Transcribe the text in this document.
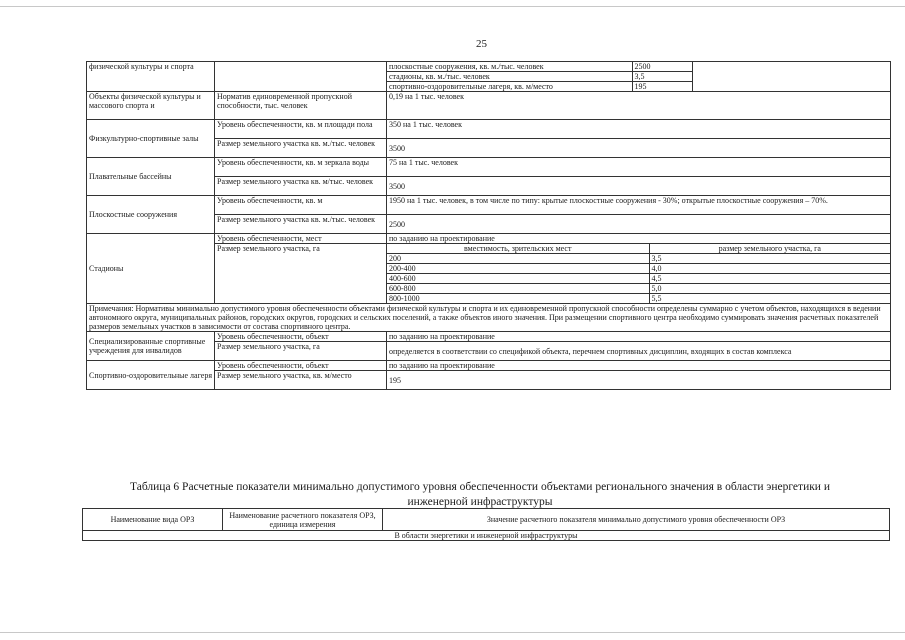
25
физической культуры и спорта			плоскостные сооружения, кв. м./тыс. человек	2500	
стадионы, кв. м./тыс. человек	3,5	
спортивно-оздоровительные лагеря, кв. м/место	195	

Объекты физической культуры и массового спорта и	Норматив единовременной пропускной способности, тыс. человек	0,19 на 1 тыс. человек
Физкультурно-спортивные залы	Уровень обеспеченности, кв. м площади пола	350 на 1 тыс. человек
Размер земельного участка кв. м./тыс. человек	3500
Плавательные бассейны	Уровень обеспеченности, кв. м зеркала воды	75 на 1 тыс. человек
Размер земельного участка кв. м/тыс. человек	3500
Плоскостные сооружения	Уровень обеспеченности, кв. м	1950 на 1 тыс. человек, в том числе по типу: крытые плоскостные сооружения - 30%; открытые плоскостные сооружения – 70%.
Размер земельного участка кв. м./тыс. человек	2500
Стадионы	Уровень обеспеченности, мест	по заданию на проектирование
Размер земельного участка, га		вместимость, зрительских мест	размер земельного участка, га
200	3,5
200-400	4,0
400-600	4,5
600-800	5,0
800-1000	5,5

Примечания: Нормативы минимально допустимого уровня обеспеченности объектами физической культуры и спорта и их единовременной пропускной способности определены суммарно с учетом объектов, находящихся в ведении автономного округа, муниципальных районов, городских округов, городских и сельских поселений, а также объектов иного значения. При размещении спортивного центра необходимо суммировать значения расчетных показателей размеров земельных участков в зависимости от состава спортивного центра.
Специализированные спортивные учреждения для инвалидов	Уровень обеспеченности, объект	по заданию на проектирование
Размер земельного участка, га	определяется в соответствии со спецификой объекта, перечнем спортивных дисциплин, входящих в состав комплекса
Спортивно-оздоровительные лагеря	Уровень обеспеченности, объект	по заданию на проектирование
Размер земельного участка, кв. м/место	195
Таблица 6 Расчетные показатели минимально допустимого уровня обеспеченности объектами регионального значения в области энергетики и инженерной инфраструктуры
Наименование вида ОРЗ	Наименование расчетного показателя ОРЗ, единица измерения	Значение расчетного показателя минимально допустимого уровня обеспеченности ОРЗ
В области энергетики и инженерной инфраструктуры
